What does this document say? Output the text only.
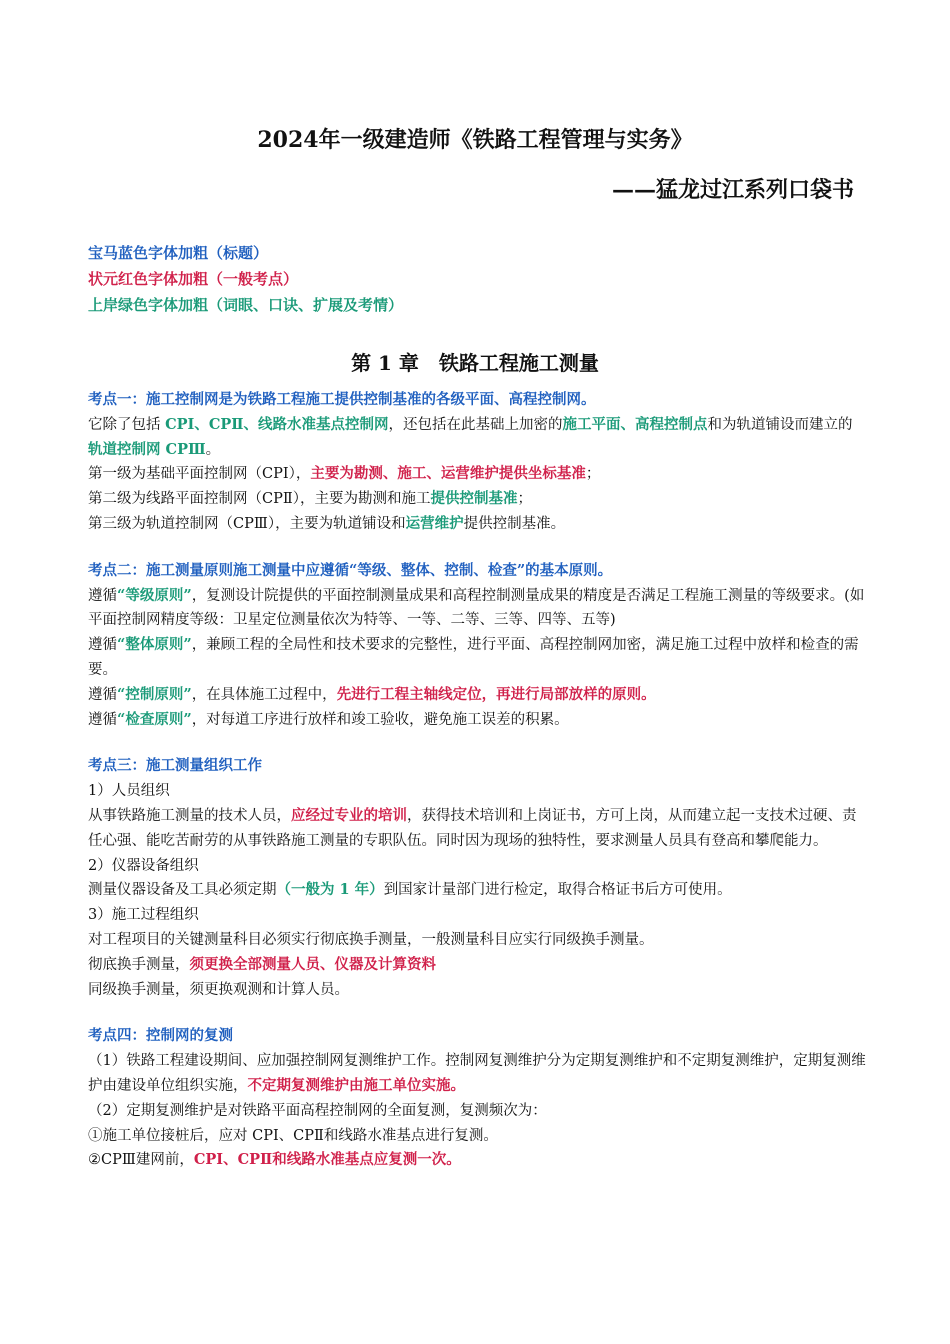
2024年一级建造师《铁路工程管理与实务》
——猛龙过江系列口袋书
宝马蓝色字体加粗（标题）
状元红色字体加粗（一般考点）
上岸绿色字体加粗（词眼、口诀、扩展及考情）
第 1 章　铁路工程施工测量

考点一：施工控制网是为铁路工程施工提供控制基准的各级平面、高程控制网。

它除了包括 CPI、CPⅡ、线路水准基点控制网，还包括在此基础上加密的施工平面、高程控制点和为轨道铺设而建立的轨道控制网 CPⅢ。

第一级为基础平面控制网（CPⅠ），主要为勘测、施工、运营维护提供坐标基准；

第二级为线路平面控制网（CPⅡ），主要为勘测和施工提供控制基准；

第三级为轨道控制网（CPⅢ），主要为轨道铺设和运营维护提供控制基准。

考点二：施工测量原则施工测量中应遵循“等级、整体、控制、检查”的基本原则。

遵循“等级原则”，复测设计院提供的平面控制测量成果和高程控制测量成果的精度是否满足工程施工测量的等级要求。(如平面控制网精度等级：卫星定位测量依次为特等、一等、二等、三等、四等、五等)

遵循“整体原则”，兼顾工程的全局性和技术要求的完整性，进行平面、高程控制网加密，满足施工过程中放样和检查的需要。

遵循“控制原则”，在具体施工过程中，先进行工程主轴线定位，再进行局部放样的原则。

遵循“检查原则”，对每道工序进行放样和竣工验收，避免施工误差的积累。

考点三：施工测量组织工作

1）人员组织

从事铁路施工测量的技术人员，应经过专业的培训，获得技术培训和上岗证书，方可上岗，从而建立起一支技术过硬、责任心强、能吃苦耐劳的从事铁路施工测量的专职队伍。同时因为现场的独特性，要求测量人员具有登高和攀爬能力。

2）仪器设备组织

测量仪器设备及工具必须定期（一般为 1 年）到国家计量部门进行检定，取得合格证书后方可使用。

3）施工过程组织

对工程项目的关键测量科目必须实行彻底换手测量，一般测量科目应实行同级换手测量。

彻底换手测量，须更换全部测量人员、仪器及计算资料

同级换手测量，须更换观测和计算人员。

考点四：控制网的复测

（1）铁路工程建设期间、应加强控制网复测维护工作。控制网复测维护分为定期复测维护和不定期复测维护，定期复测维护由建设单位组织实施，不定期复测维护由施工单位实施。

（2）定期复测维护是对铁路平面高程控制网的全面复测，复测频次为：

①施工单位接桩后，应对 CPI、CPⅡ和线路水准基点进行复测。

②CPⅢ建网前，CPI、CPⅡ和线路水准基点应复测一次。
